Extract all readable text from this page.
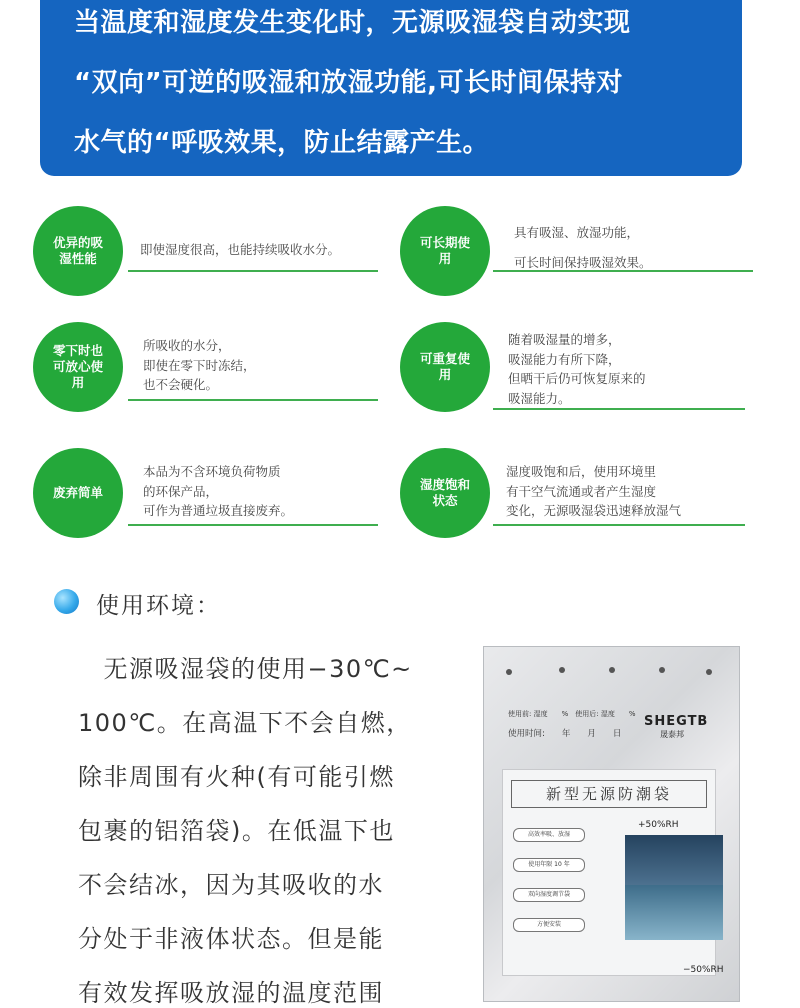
当温度和湿度发生变化时，无源吸湿袋自动实现
“双向”可逆的吸湿和放湿功能,可长时间保持对
水气的“呼吸效果，防止结露产生。
优异的吸湿性能
即使湿度很高，也能持续吸收水分。	可长期使用
具有吸湿、放湿功能，
可长时间保持吸湿效果。
零下时也可放心使用
所吸收的水分，
即使在零下时冻结，
也不会硬化。
可重复使用
随着吸湿量的增多，
吸湿能力有所下降，
但晒干后仍可恢复原来的
吸湿能力。
废弃简单
本品为不含环境负荷物质
的环保产品，
可作为普通垃圾直接废弃。
湿度饱和状态
湿度吸饱和后，使用环境里
有干空气流通或者产生湿度
变化，无源吸湿袋迅速释放湿气
使用环境：
　无源吸湿袋的使用−30℃~
100℃。在高温下不会自燃，
除非周围有火种(有可能引燃
包裹的铝箔袋)。在低温下也
不会结冰，因为其吸收的水
分处于非液体状态。但是能
有效发挥吸放湿的温度范围
使用前: 湿度　　%　使用后: 湿度　　%
使用时间:　　年　　月　　日
SHEGTB
晟泰邦
新型无源防潮袋
+50%RH
高效率吸、放湿
使用年限 10 年
双向湿度调节袋
方便安装
−50%RH
